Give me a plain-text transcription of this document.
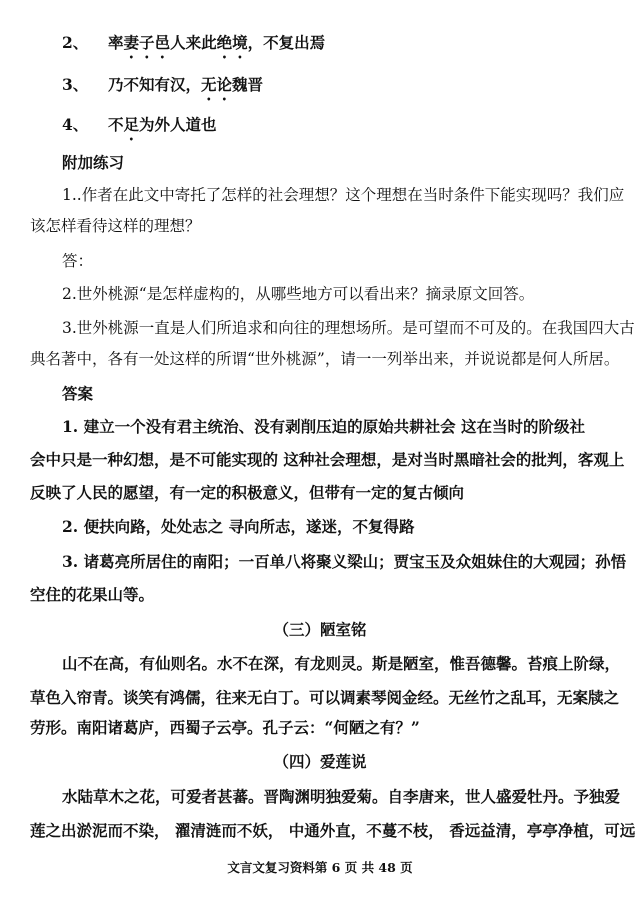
2、 率妻子邑人来此绝境，不复出焉
3、 乃不知有汉，无论魏晋
4、 不足为外人道也
附加练习
1..作者在此文中寄托了怎样的社会理想？这个理想在当时条件下能实现吗？我们应
该怎样看待这样的理想？
答：
2.世外桃源“是怎样虚构的，从哪些地方可以看出来？摘录原文回答。
3.世外桃源一直是人们所追求和向往的理想场所。是可望而不可及的。在我国四大古
典名著中，各有一处这样的所谓“世外桃源”，请一一列举出来，并说说都是何人所居。
答案
1. 建立一个没有君主统治、没有剥削压迫的原始共耕社会 这在当时的阶级社
会中只是一种幻想，是不可能实现的 这种社会理想，是对当时黑暗社会的批判，客观上
反映了人民的愿望，有一定的积极意义，但带有一定的复古倾向
2. 便扶向路，处处志之 寻向所志，遂迷，不复得路
3. 诸葛亮所居住的南阳；一百单八将聚义梁山；贾宝玉及众姐妹住的大观园；孙悟
空住的花果山等。
（三）陋室铭
山不在高，有仙则名。水不在深，有龙则灵。斯是陋室，惟吾德馨。苔痕上阶绿，
草色入帘青。谈笑有鸿儒，往来无白丁。可以调素琴阅金经。无丝竹之乱耳，无案牍之
劳形。南阳诸葛庐，西蜀子云亭。孔子云：“何陋之有？”
（四）爱莲说
水陆草木之花，可爱者甚蕃。晋陶渊明独爱菊。自李唐来，世人盛爱牡丹。予独爱
莲之出淤泥而不染， 濯清涟而不妖， 中通外直，不蔓不枝， 香远益清，亭亭净植，可远
文言文复习资料第 6 页 共 48 页
